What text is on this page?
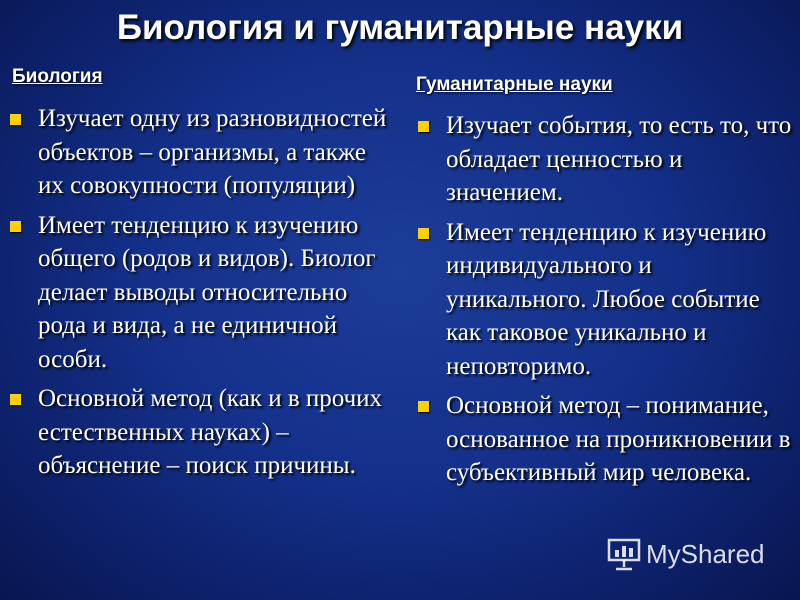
Биология и гуманитарные науки
Биология
Изучает одну из разновидностей объектов – организмы, а также их совокупности (популяции)
Имеет тенденцию к изучению общего (родов и видов). Биолог делает выводы относительно рода и вида, а не единичной особи.
Основной метод (как и в прочих естественных науках) – объяснение – поиск причины.
Гуманитарные науки
Изучает события, то есть то, что обладает ценностью и значением.
Имеет тенденцию к изучению индивидуального и уникального. Любое событие как таковое уникально и неповторимо.
Основной метод – понимание, основанное на проникновении в субъективный мир человека.
MyShared
